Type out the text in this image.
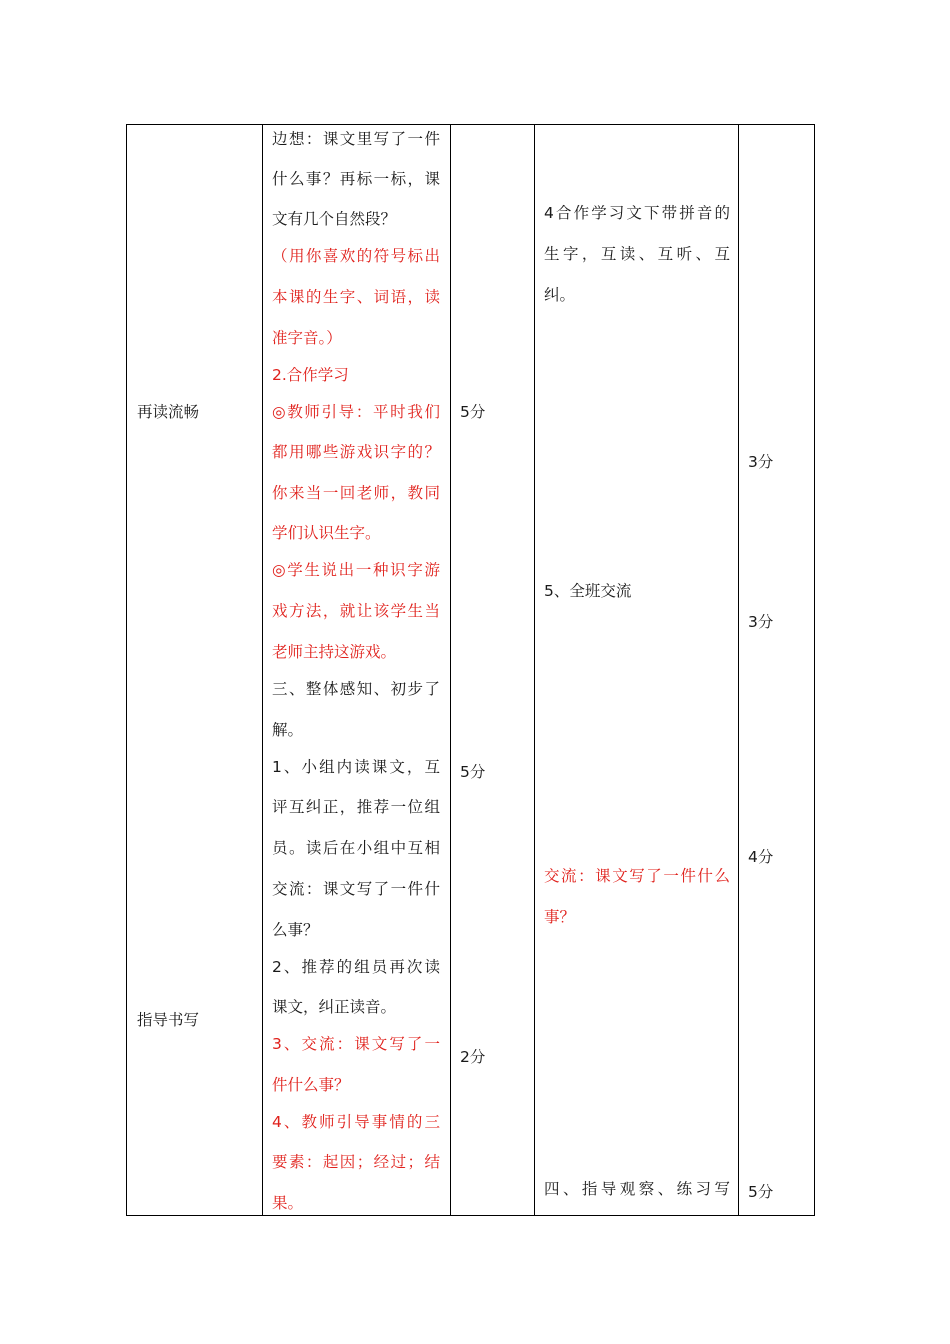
再读流畅
指导书写
边想：课文里写了一件
什么事？再标一标，课
文有几个自然段？
（用你喜欢的符号标出
本课的生字、词语，读
准字音。）
2.合作学习
◎教师引导：平时我们
都用哪些游戏识字的？
你来当一回老师，教同
学们认识生字。
◎学生说出一种识字游
戏方法，就让该学生当
老师主持这游戏。
三、整体感知、初步了
解。
1、小组内读课文，互
评互纠正，推荐一位组
员。读后在小组中互相
交流：课文写了一件什
么事？
2、推荐的组员再次读
课文，纠正读音。
3、交流：课文写了一
件什么事？
4、教师引导事情的三
要素：起因；经过；结
果。
5分
5分
2分
4合作学习文下带拼音的
生字，互读、互听、互
纠。
5、全班交流
交流：课文写了一件什么
事？
四、指导观察、练习写
3分
3分
4分
5分
